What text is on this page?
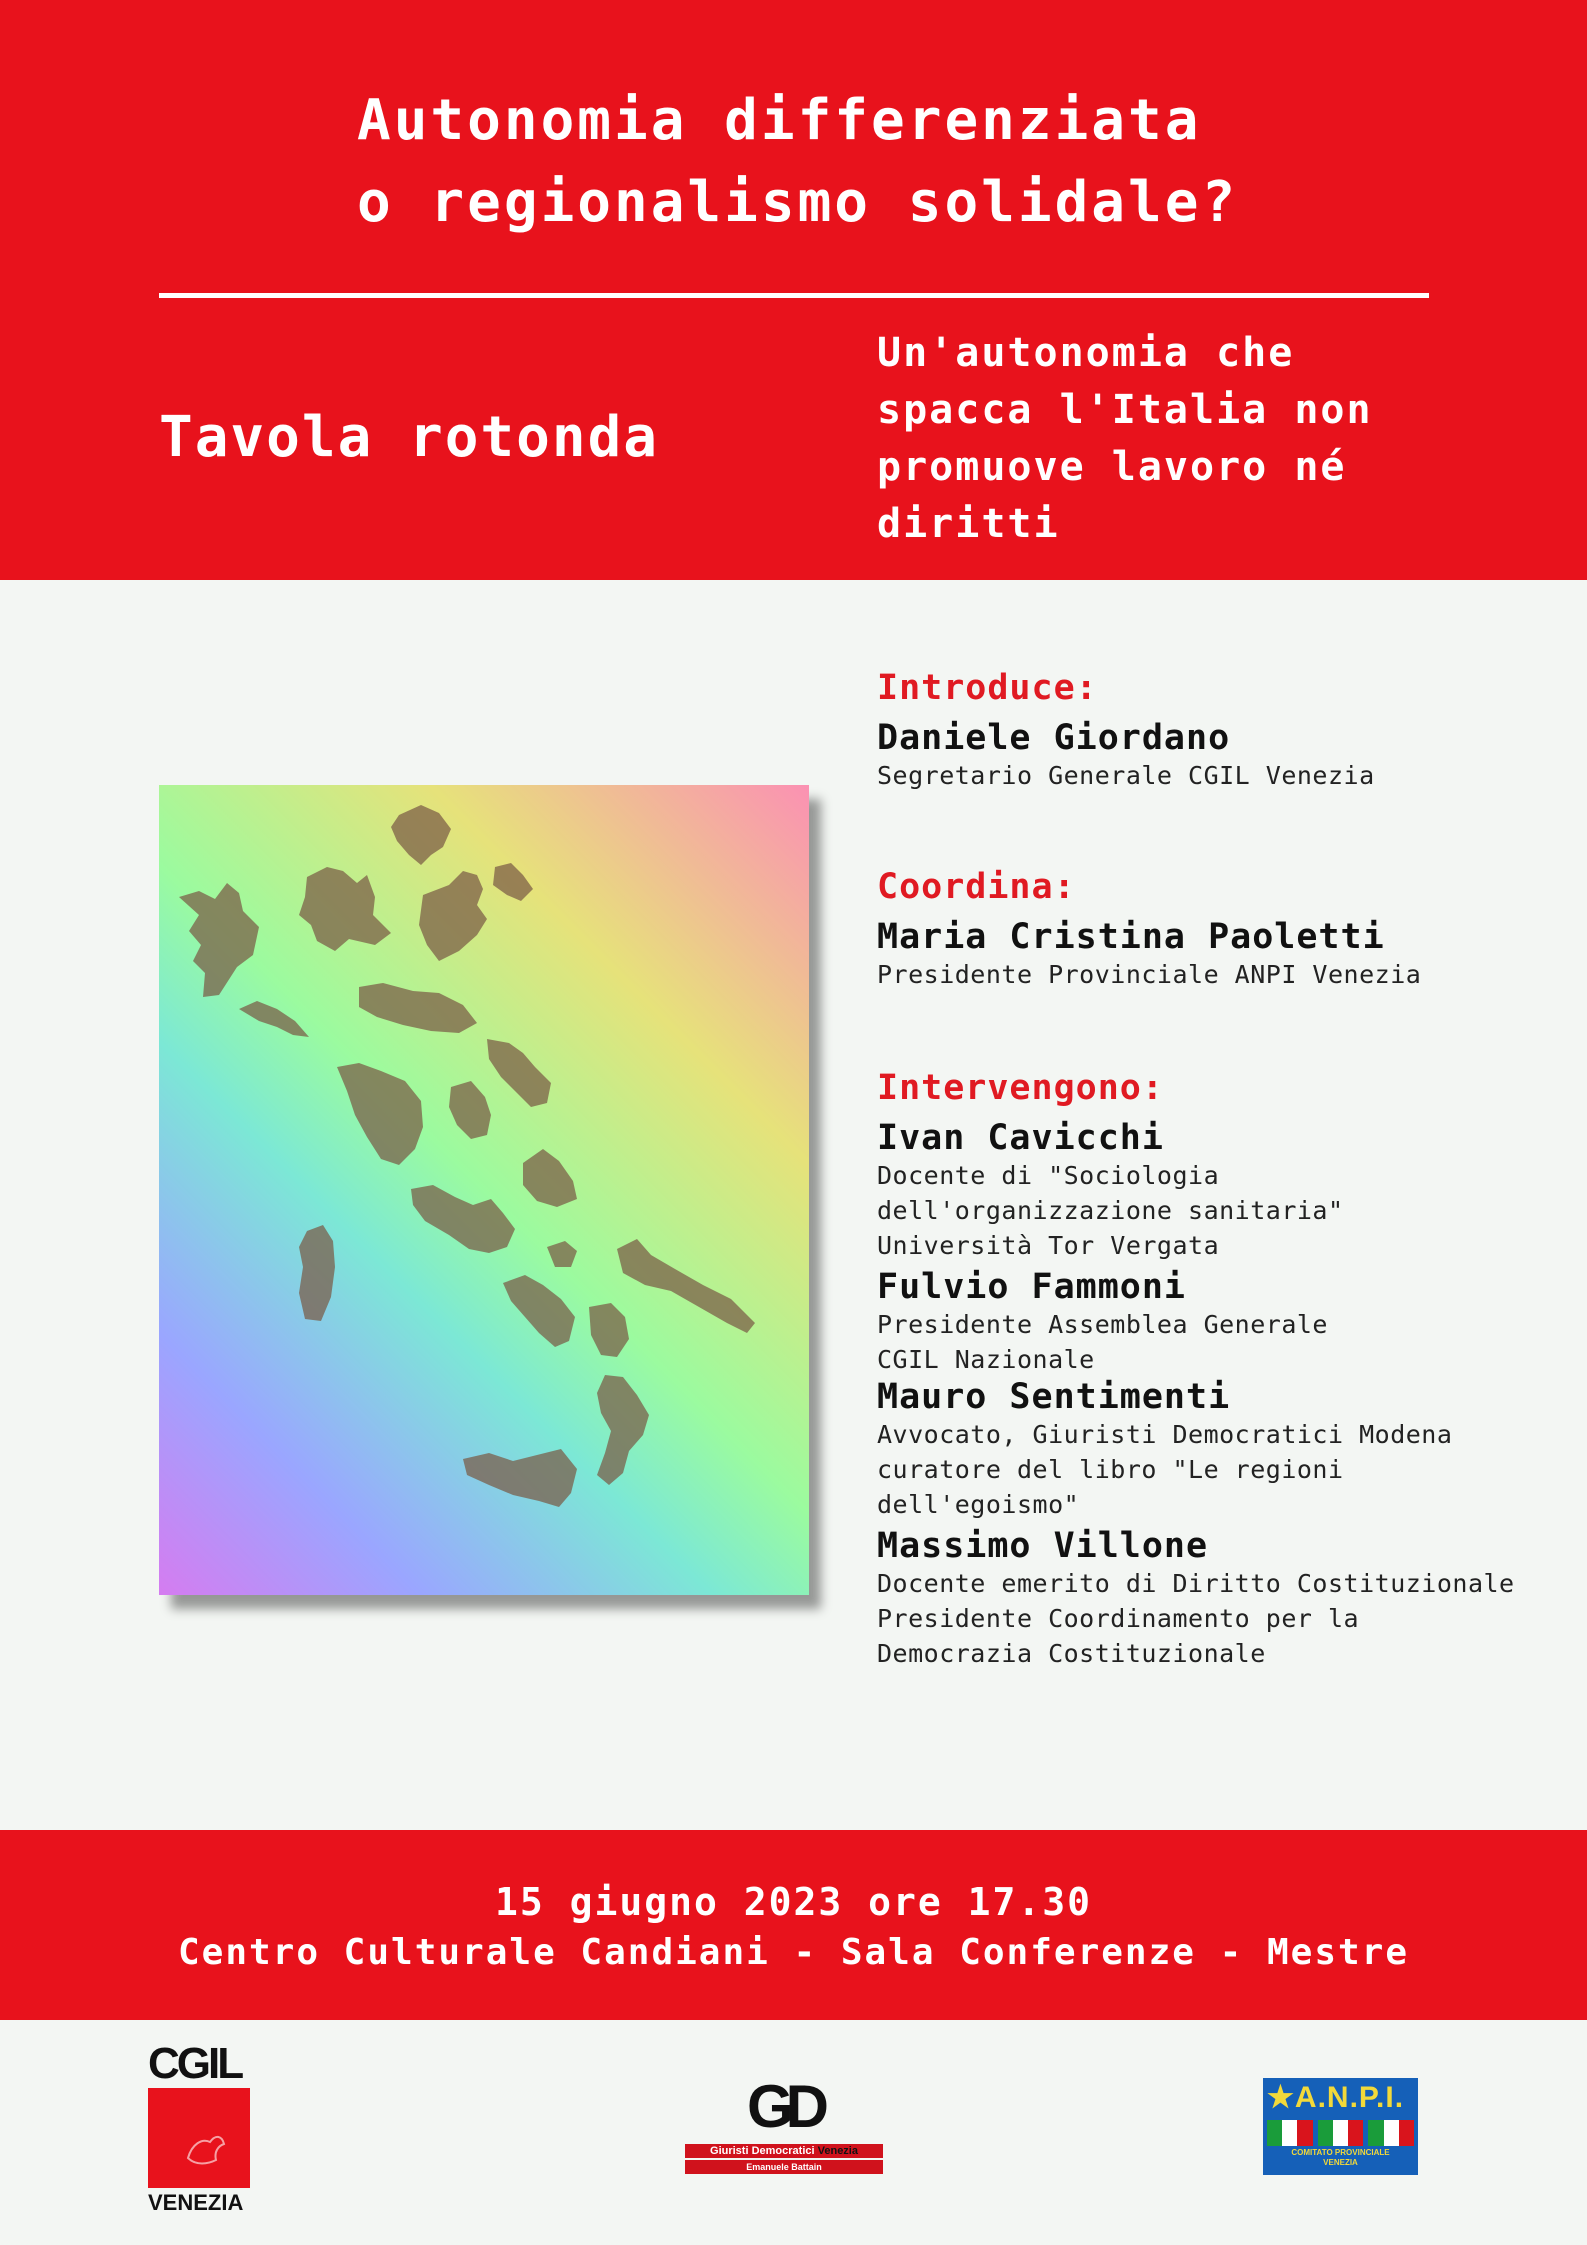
Autonomia differenziata
o regionalismo solidale?
Tavola rotonda
Un'autonomia che
spacca l'Italia non
promuove lavoro né
diritti
Introduce:
Daniele Giordano
Segretario Generale CGIL Venezia
Coordina:
Maria Cristina Paoletti
Presidente Provinciale ANPI Venezia
Intervengono:
Ivan Cavicchi
Docente di "Sociologia
dell'organizzazione sanitaria"
Università Tor Vergata
Fulvio Fammoni
Presidente Assemblea Generale
CGIL Nazionale
Mauro Sentimenti
Avvocato, Giuristi Democratici Modena
curatore del libro "Le regioni
dell'egoismo"
Massimo Villone
Docente emerito di Diritto Costituzionale
Presidente Coordinamento per la
Democrazia Costituzionale
15 giugno 2023 ore 17.30
Centro Culturale Candiani - Sala Conferenze - Mestre
CGIL
VENEZIA
GD
Giuristi Democratici Venezia
Emanuele Battain
★A.N.P.I.
COMITATO PROVINCIALE
VENEZIA
